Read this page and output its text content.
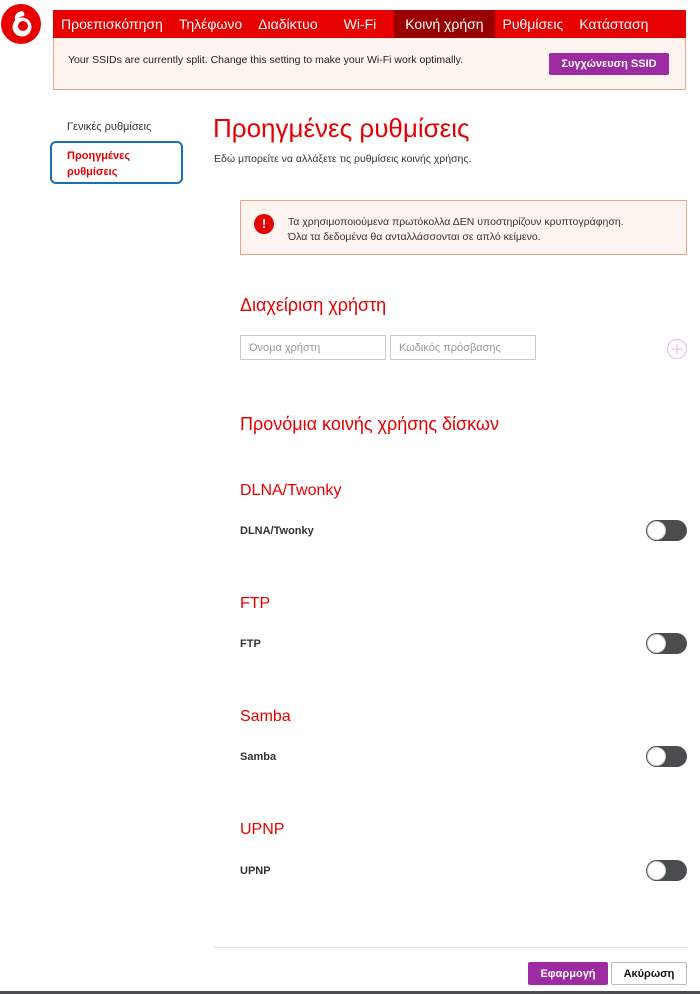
Προεπισκόπηση	Τηλέφωνο	Διαδίκτυο	Wi-Fi	Κοινή χρήση	Ρυθμίσεις	Κατάσταση
Your SSIDs are currently split. Change this setting to make your Wi-Fi work optimally.	Συγχώνευση SSID
Γενικές ρυθμίσεις
Προηγμένες ρυθμίσεις
Προηγμένες ρυθμίσεις
Εδώ μπορείτε να αλλάξετε τις ρυθμίσεις κοινής χρήσης.
!	Τα χρησιμοποιούμενα πρωτόκολλα ΔΕΝ υποστηρίζουν κρυπτογράφηση.
Όλα τα δεδομένα θα ανταλλάσσονται σε απλό κείμενο.
Διαχείριση χρήστη
Όνομα χρήστη
Κωδικός πρόσβασης
Προνόμια κοινής χρήσης δίσκων
DLNA/Twonky
DLNA/Twonky
FTP
FTP
Samba
Samba
UPNP
UPNP
Εφαρμογή	Ακύρωση
